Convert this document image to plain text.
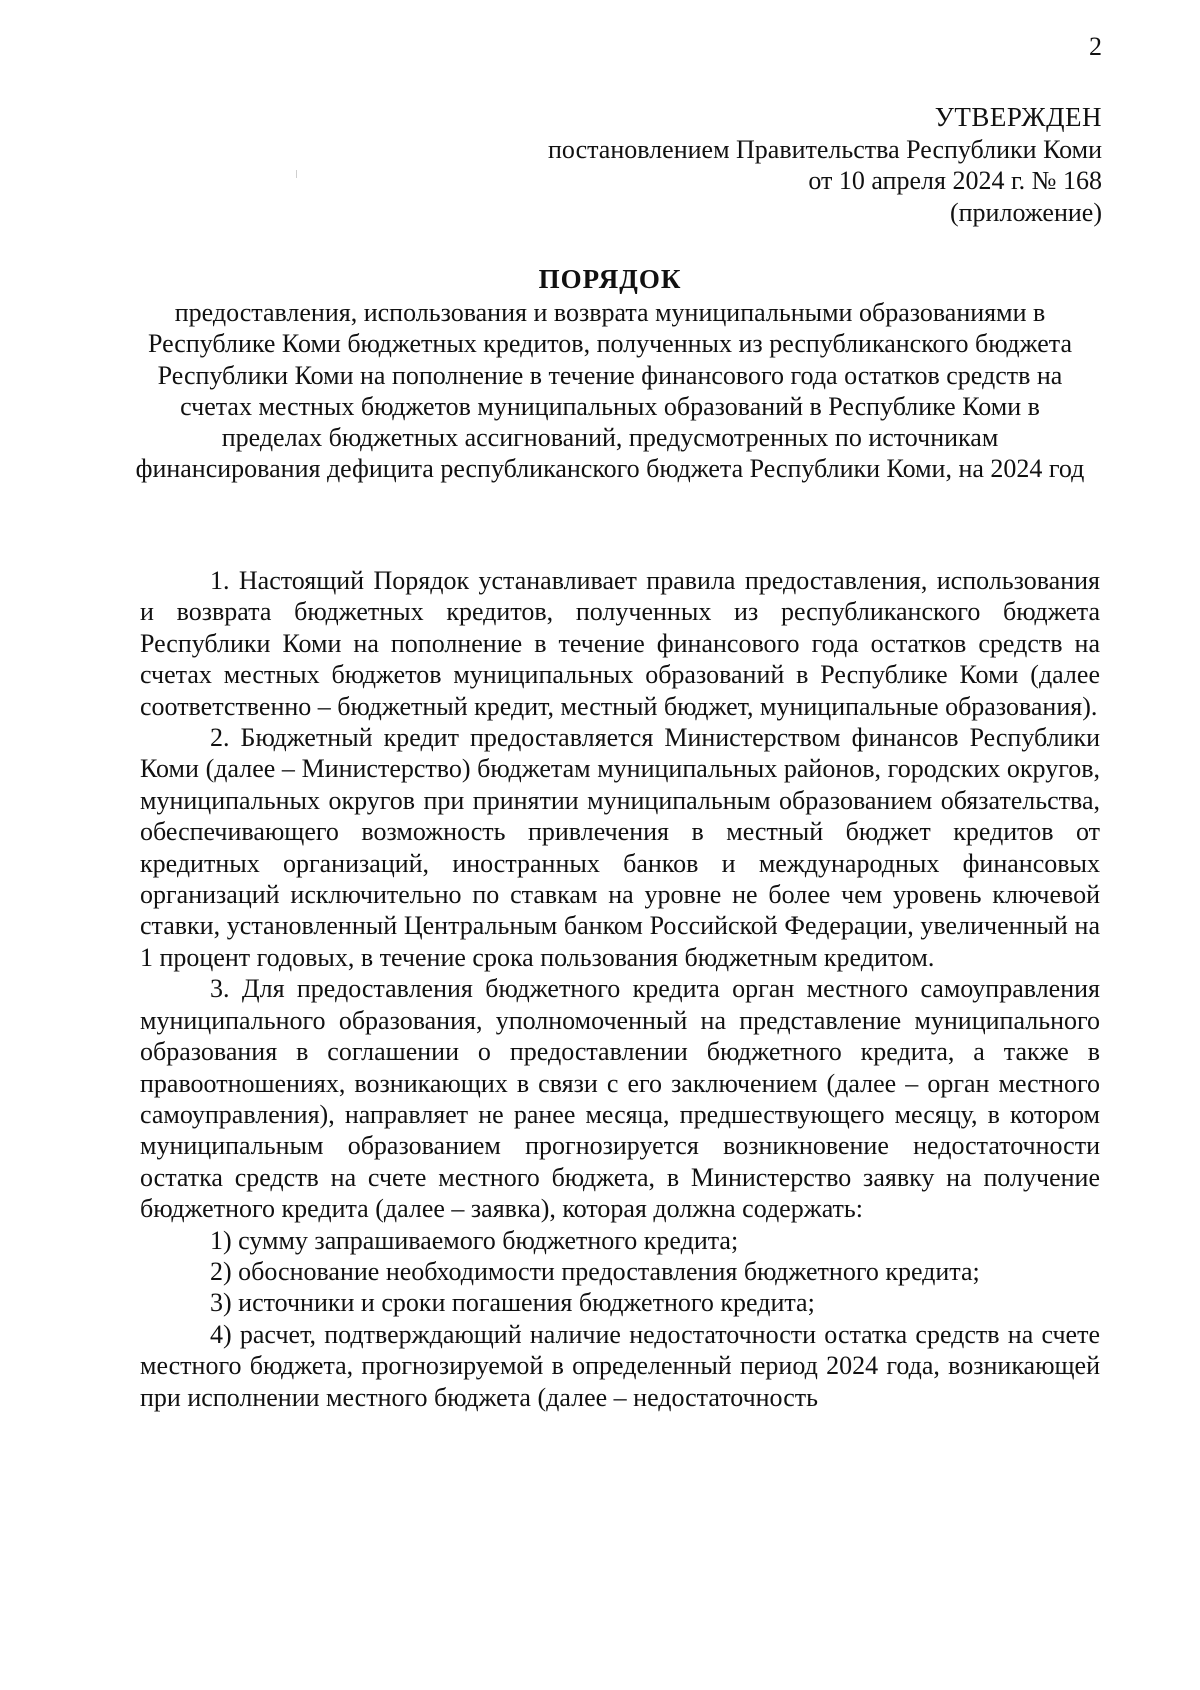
2
УТВЕРЖДЕН
постановлением Правительства Республики Коми
от 10 апреля 2024 г. № 168
(приложение)
ПОРЯДОК
предоставления, использования и возврата муниципальными образованиями в Республике Коми бюджетных кредитов, полученных из республиканского бюджета Республики Коми на пополнение в течение финансового года остатков средств на счетах местных бюджетов муниципальных образований в Республике Коми в пределах бюджетных ассигнований, предусмотренных по источникам финансирования дефицита республиканского бюджета Республики Коми, на 2024 год

1. Настоящий Порядок устанавливает правила предоставления, использования и возврата бюджетных кредитов, полученных из республиканского бюджета Республики Коми на пополнение в течение финансового года остатков средств на счетах местных бюджетов муниципальных образований в Республике Коми (далее соответственно – бюджетный кредит, местный бюджет, муниципальные образования).

2. Бюджетный кредит предоставляется Министерством финансов Республики Коми (далее – Министерство) бюджетам муниципальных районов, городских округов, муниципальных округов при принятии муниципальным образованием обязательства, обеспечивающего возможность привлечения в местный бюджет кредитов от кредитных организаций, иностранных банков и международных финансовых организаций исключительно по ставкам на уровне не более чем уровень ключевой ставки, установленный Центральным банком Российской Федерации, увеличенный на 1 процент годовых, в течение срока пользования бюджетным кредитом.

3. Для предоставления бюджетного кредита орган местного самоуправления муниципального образования, уполномоченный на представление муниципального образования в соглашении о предоставлении бюджетного кредита, а также в правоотношениях, возникающих в связи с его заключением (далее – орган местного самоуправления), направляет не ранее месяца, предшествующего месяцу, в котором муниципальным образованием прогнозируется возникновение недостаточности остатка средств на счете местного бюджета, в Министерство заявку на получение бюджетного кредита (далее – заявка), которая должна содержать:

1) сумму запрашиваемого бюджетного кредита;

2) обоснование необходимости предоставления бюджетного кредита;

3) источники и сроки погашения бюджетного кредита;

4) расчет, подтверждающий наличие недостаточности остатка средств на счете местного бюджета, прогнозируемой в определенный период 2024 года, возникающей при исполнении местного бюджета (далее – недостаточность
